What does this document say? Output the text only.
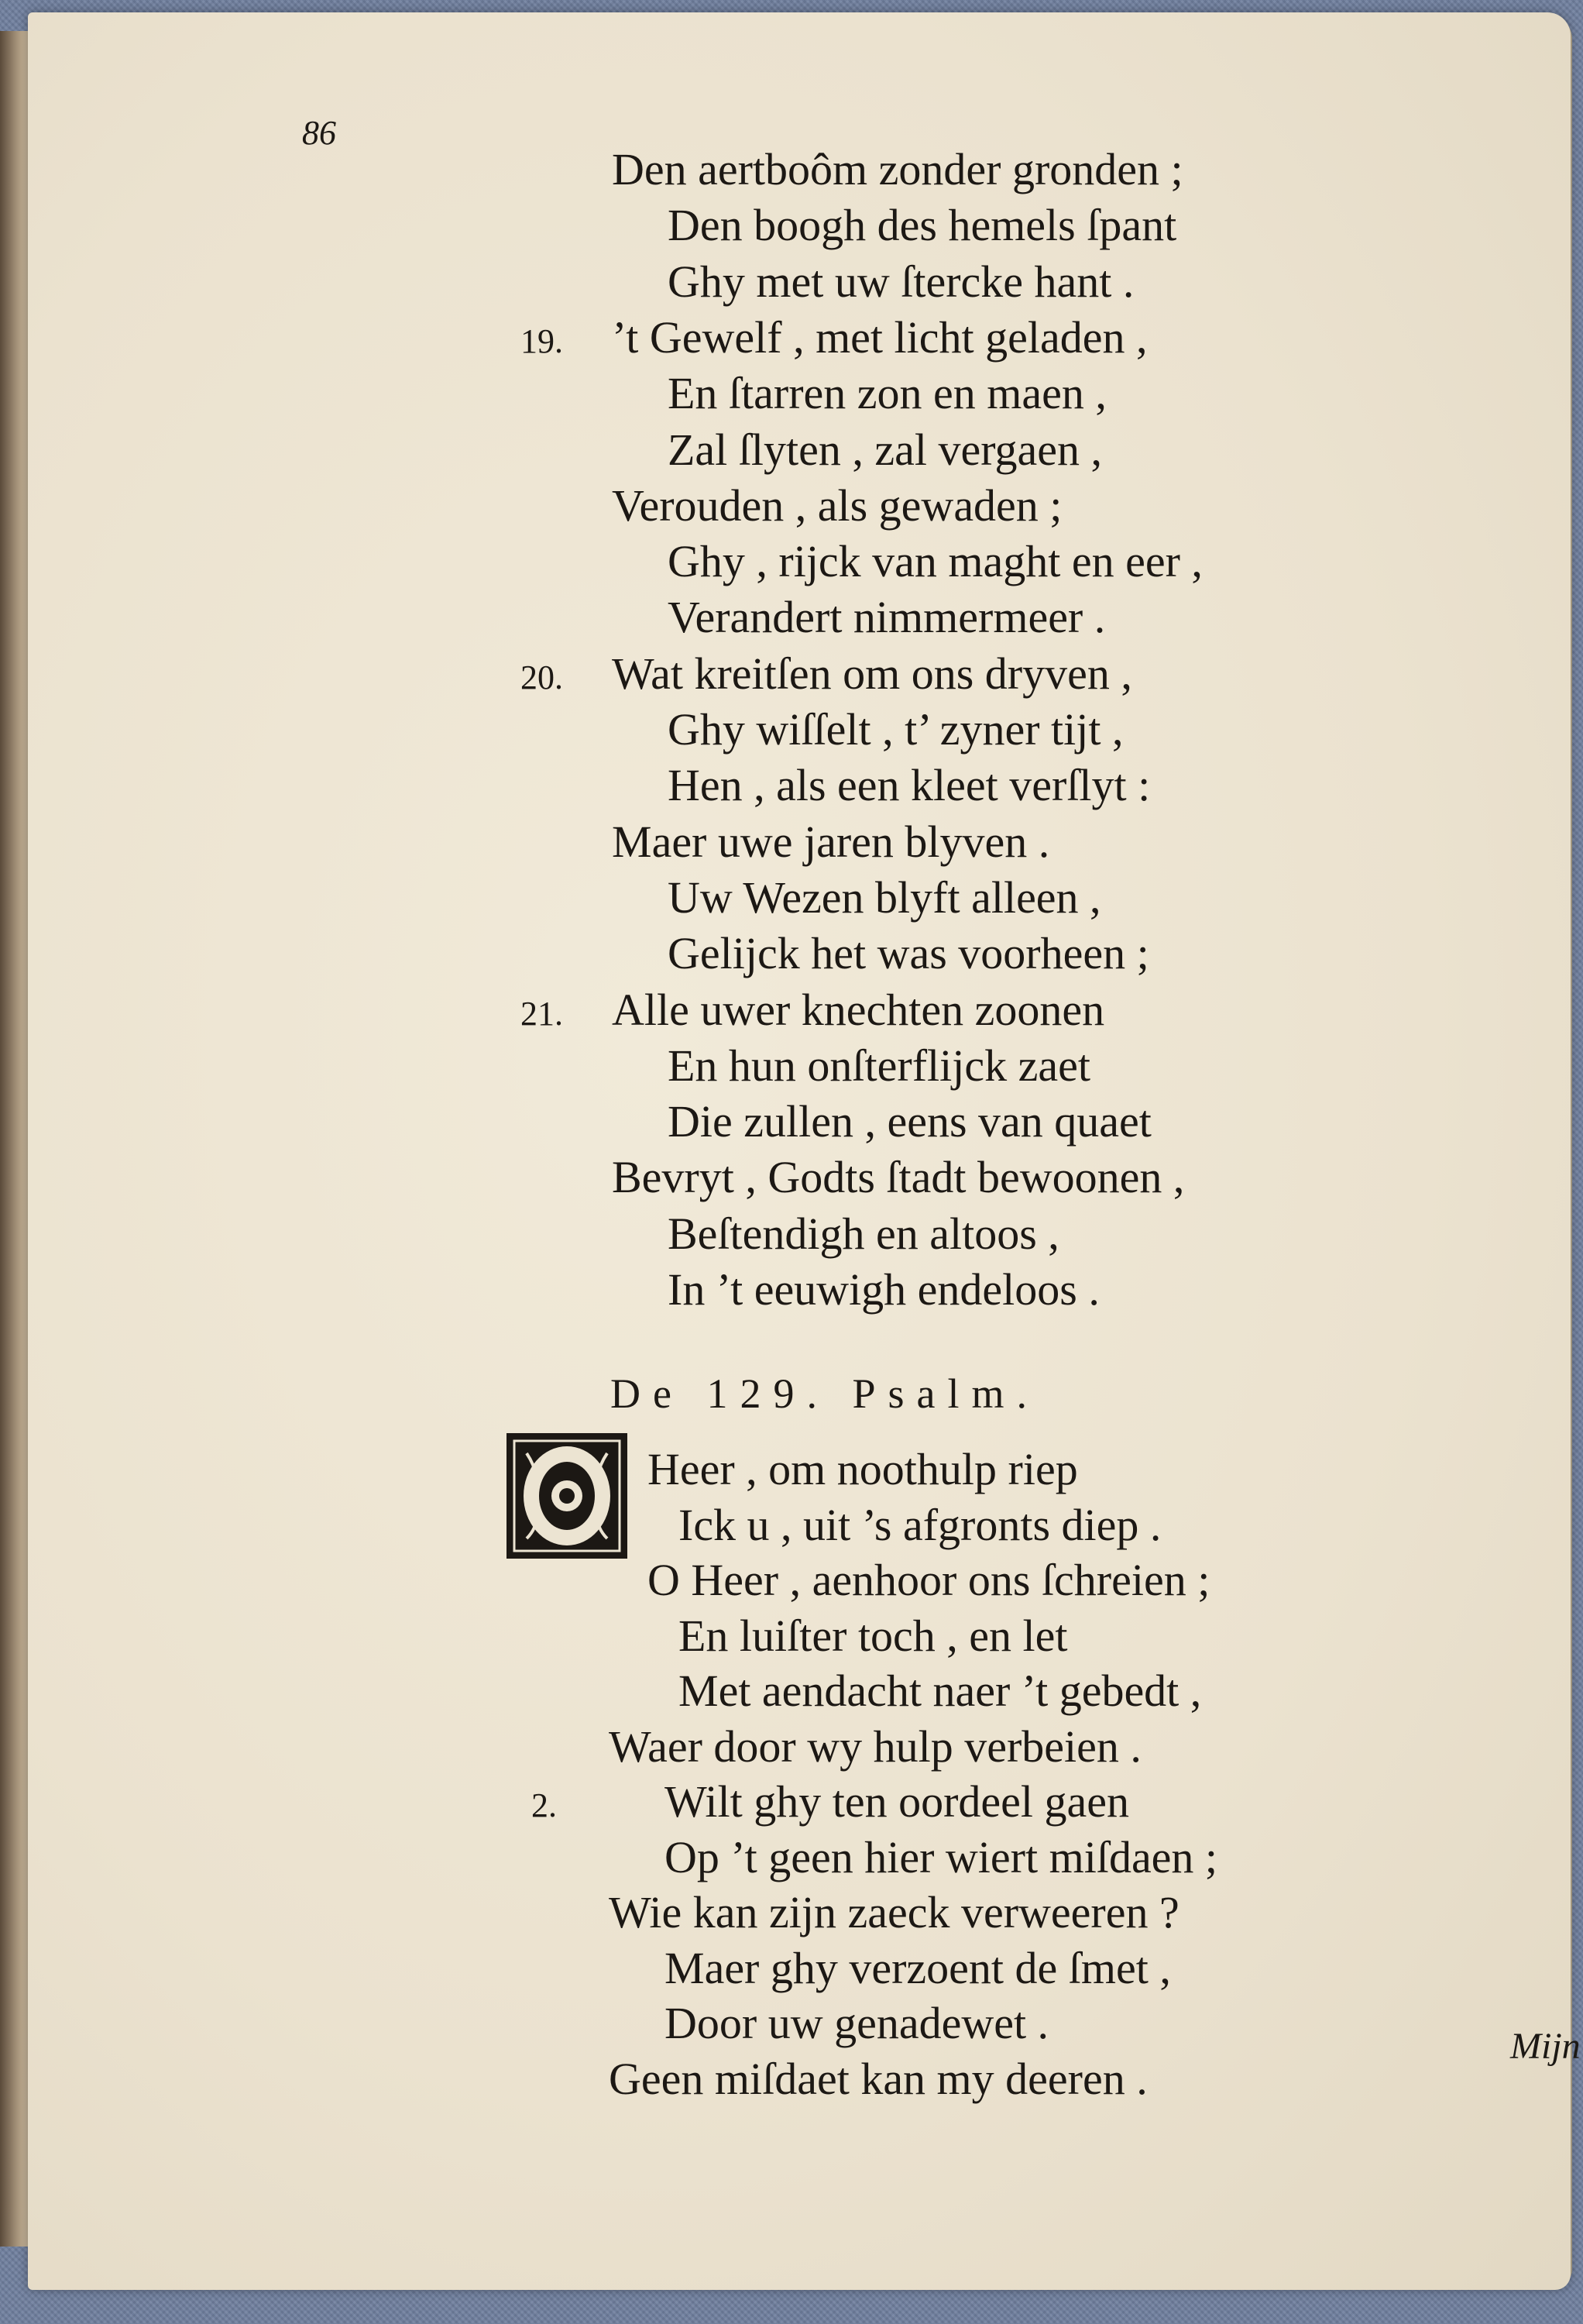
86
Den aertboôm zonder gronden ;
Den boogh des hemels ſpant
Ghy met uw ſtercke hant .
’t Gewelf , met licht geladen ,
19.
En ſtarren zon en maen ,
Zal ſlyten , zal vergaen ,
Verouden , als gewaden ;
Ghy , rijck van maght en eer ,
Verandert nimmermeer .
Wat kreitſen om ons dryven ,
20.
Ghy wiſſelt , t’ zyner tijt ,
Hen , als een kleet verſlyt :
Maer uwe jaren blyven .
Uw Wezen blyft alleen ,
Gelijck het was voorheen ;
Alle uwer knechten zoonen
21.
En hun onſterflijck zaet
Die zullen , eens van quaet
Bevryt , Godts ſtadt bewoonen ,
Beſtendigh en altoos ,
In ’t eeuwigh endeloos .
De 129. Psalm.
Heer , om noothulp riep
Ick u , uit ’s afgronts diep .
O Heer , aenhoor ons ſchreien ;
En luiſter toch , en let
Met aendacht naer ’t gebedt ,
Waer door wy hulp verbeien .
Wilt ghy ten oordeel gaen
2.
Op ’t geen hier wiert miſdaen ;
Wie kan zijn zaeck verweeren ?
Maer ghy verzoent de ſmet ,
Door uw genadewet .
Geen miſdaet kan my deeren .
Mijn
